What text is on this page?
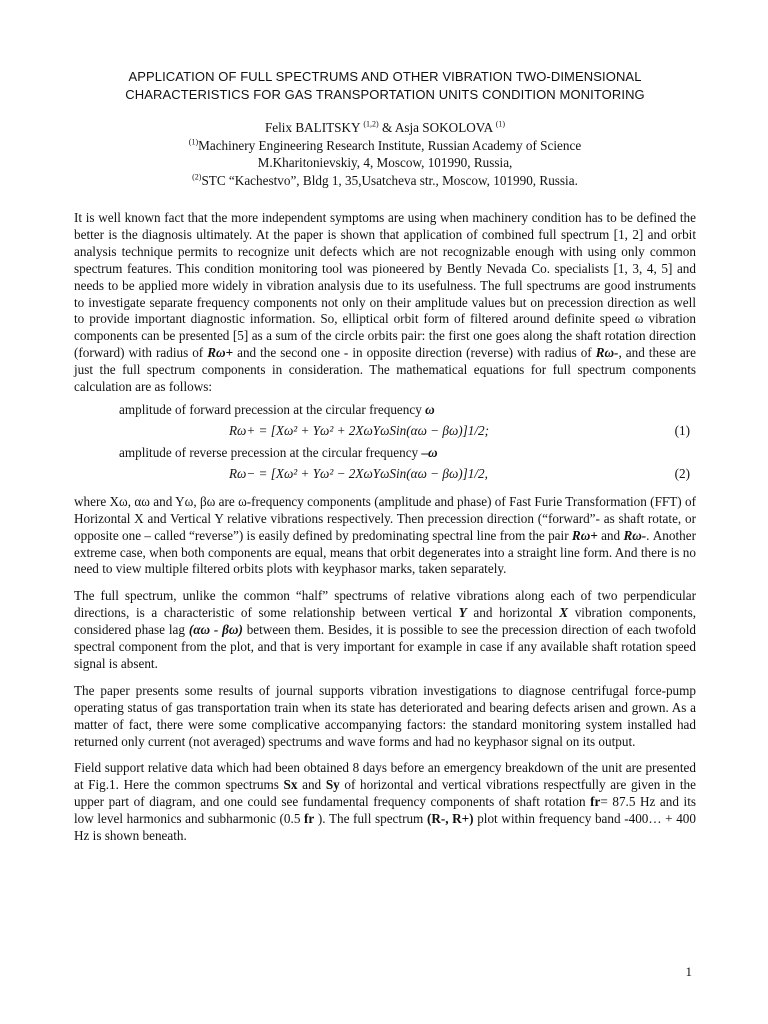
APPLICATION OF FULL SPECTRUMS AND OTHER VIBRATION TWO-DIMENSIONAL
CHARACTERISTICS FOR GAS TRANSPORTATION UNITS CONDITION MONITORING
Felix BALITSKY $^{(1,2)}$ & Asja SOKOLOVA $^{(1)}$
$^{(1)}$Machinery Engineering Research Institute, Russian Academy of Science
M.Kharitonievskiy, 4, Moscow, 101990, Russia,
$^{(2)}$STC “Kachestvo”, Bldg 1, 35,Usatcheva str., Moscow, 101990, Russia.

It is well known fact that the more independent symptoms are using when machinery condition has to be defined the better is the diagnosis ultimately. At the paper is shown that application of combined full spectrum [1, 2] and orbit analysis technique permits to recognize unit defects which are not recognizable enough with using only common spectrum features. This condition monitoring tool was pioneered by Bently Nevada Co. specialists [1, 3, 4, 5] and needs to be applied more widely in vibration analysis due to its usefulness. The full spectrums are good instruments to investigate separate frequency components not only on their amplitude values but on precession direction as well to provide important diagnostic information. So, elliptical orbit form of filtered around definite speed ω vibration components can be presented [5] as a sum of the circle orbits pair: the first one goes along the shaft rotation direction (forward) with radius of Rω+ and the second one - in opposite direction (reverse) with radius of Rω-, and these are just the full spectrum components in consideration. The mathematical equations for full spectrum components calculation are as follows:

amplitude of forward precession at the circular frequency ω
Rω+ = [Xω² + Yω² + 2XωYωSin(αω − βω)]1/2;	(1)
amplitude of reverse precession at the circular frequency –ω
Rω− = [Xω² + Yω² − 2XωYωSin(αω − βω)]1/2,	(2)

where Xω, αω and Yω, βω are ω-frequency components (amplitude and phase) of Fast Furie Transformation (FFT) of Horizontal X and Vertical Y relative vibrations respectively. Then precession direction (“forward”- as shaft rotate, or opposite one – called “reverse”) is easily defined by predominating spectral line from the pair Rω+ and Rω-. Another extreme case, when both components are equal, means that orbit degenerates into a straight line form. And there is no need to view multiple filtered orbits plots with keyphasor marks, taken separately.

The full spectrum, unlike the common “half” spectrums of relative vibrations along each of two perpendicular directions, is a characteristic of some relationship between vertical Y and horizontal X vibration components, considered phase lag (αω - βω) between them. Besides, it is possible to see the precession direction of each twofold spectral component from the plot, and that is very important for example in case if any available shaft rotation speed signal is absent.

The paper presents some results of journal supports vibration investigations to diagnose centrifugal force-pump operating status of gas transportation train when its state has deteriorated and bearing defects arisen and grown. As a matter of fact, there were some complicative accompanying factors: the standard monitoring system installed had returned only current (not averaged) spectrums and wave forms and had no keyphasor signal on its output.

Field support relative data which had been obtained 8 days before an emergency breakdown of the unit are presented at Fig.1. Here the common spectrums Sx and Sy of horizontal and vertical vibrations respectfully are given in the upper part of diagram, and one could see fundamental frequency components of shaft rotation fr= 87.5 Hz and its low level harmonics and subharmonic (0.5 fr ). The full spectrum (R-, R+) plot within frequency band -400… + 400 Hz is shown beneath.

1
